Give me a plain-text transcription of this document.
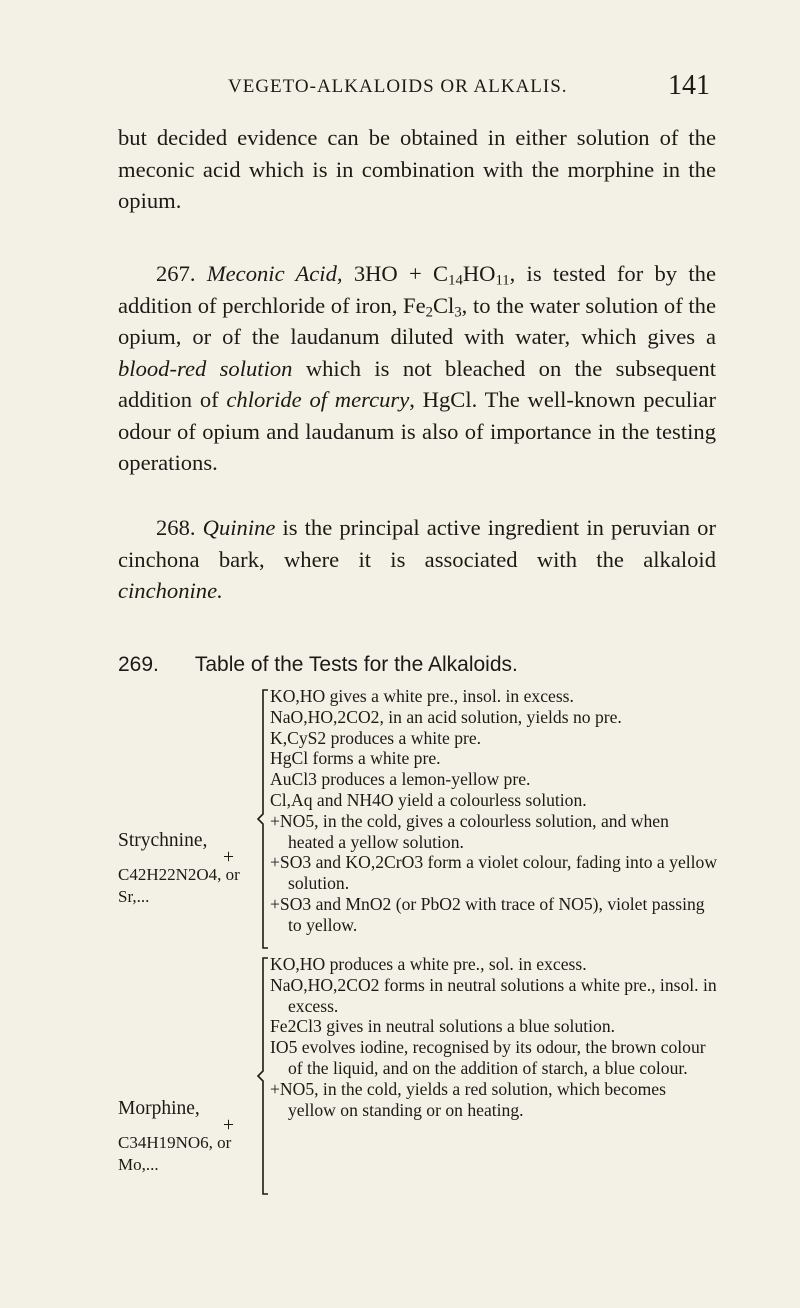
VEGETO-ALKALOIDS OR ALKALIS.	141

but decided evidence can be obtained in either solution of the meconic acid which is in combination with the morphine in the opium.

267. Meconic Acid, $3HO + C_{14}HO_{11}$, is tested for by the addition of perchloride of iron, $Fe_2Cl_3$, to the water solution of the opium, or of the laudanum diluted with water, which gives a blood-red solution which is not bleached on the subsequent addition of chloride of mercury, HgCl. The well-known peculiar odour of opium and laudanum is also of importance in the testing operations.

268. Quinine is the principal active ingredient in peruvian or cinchona bark, where it is associated with the alkaloid cinchonine.

269. Table of the Tests for the Alkaloids.

Strychnine,
+
C42H22N2O4, or Sr,...
KO,HO gives a white pre., insol. in excess.
NaO,HO,2CO2, in an acid solution, yields no pre.
K,CyS2 produces a white pre.
HgCl forms a white pre.
AuCl3 produces a lemon-yellow pre.
Cl,Aq and NH4O yield a colourless solution.
+NO5, in the cold, gives a colourless solution, and when heated a yellow solution.
+SO3 and KO,2CrO3 form a violet colour, fading into a yellow solution.
+SO3 and MnO2 (or PbO2 with trace of NO5), violet passing to yellow.
Morphine,
+
C34H19NO6, or Mo,...
KO,HO produces a white pre., sol. in excess.
NaO,HO,2CO2 forms in neutral solutions a white pre., insol. in excess.
Fe2Cl3 gives in neutral solutions a blue solution.
IO5 evolves iodine, recognised by its odour, the brown colour of the liquid, and on the addition of starch, a blue colour.
+NO5, in the cold, yields a red solution, which becomes yellow on standing or on heating.
